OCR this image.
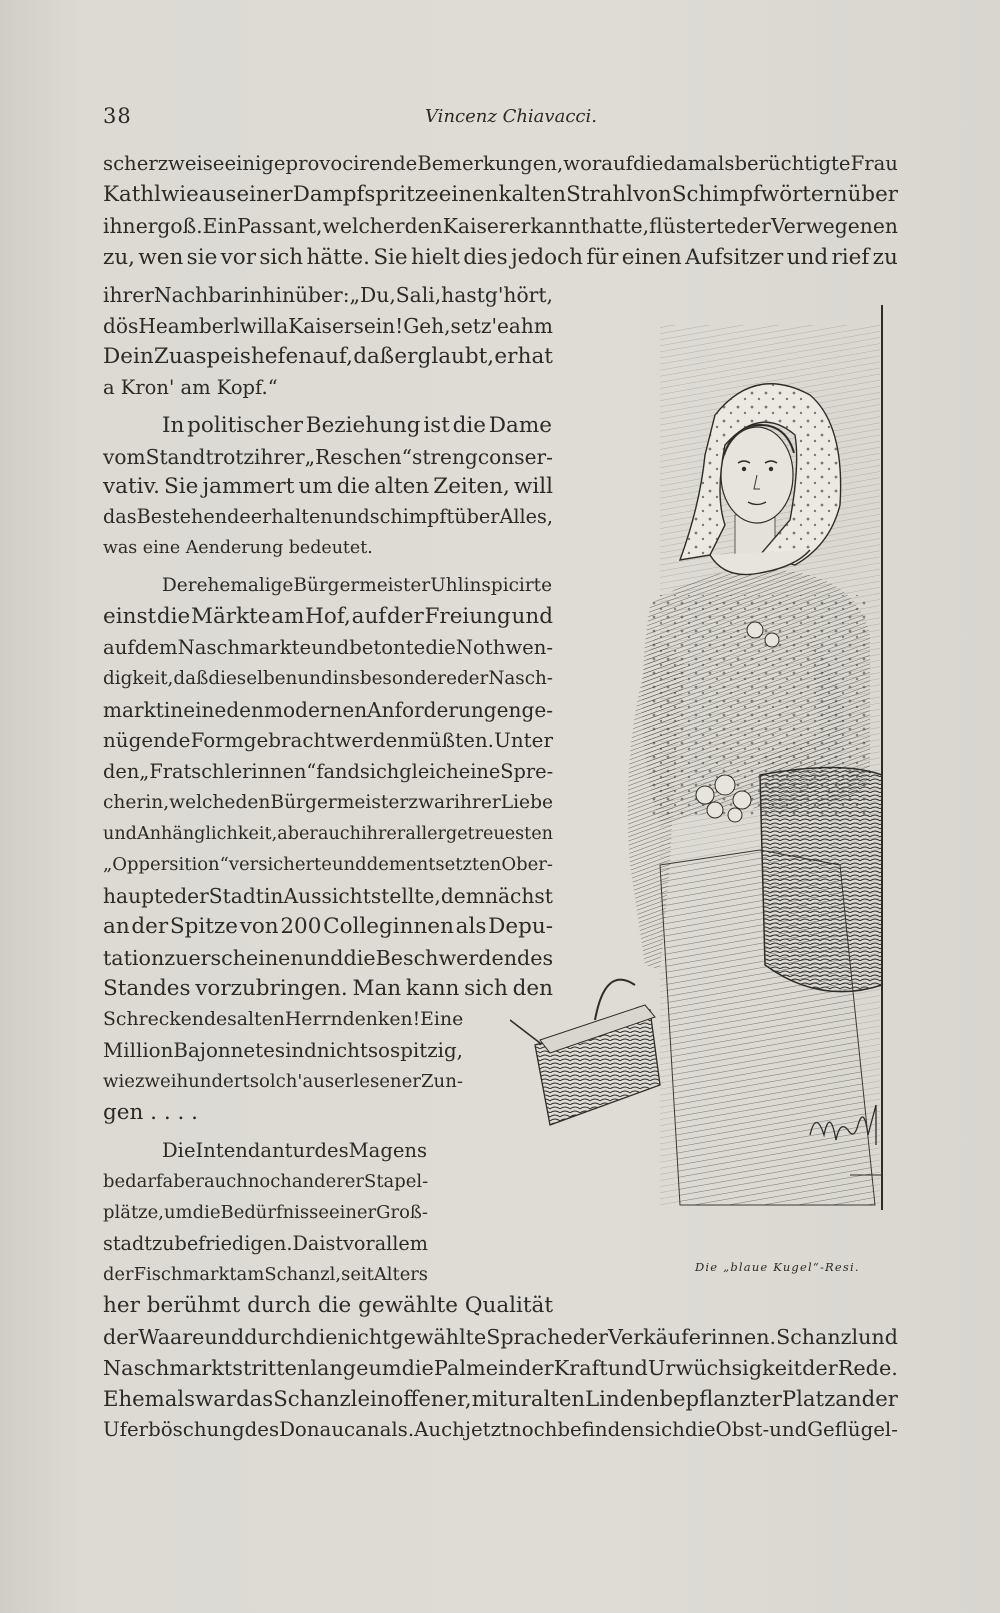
38	Vincenz Chiavacci.
scherzweise einige provocirende Bemerkungen, worauf die damals berüchtigte Frau
Kathl wie aus einer Dampfspritze einen kalten Strahl von Schimpfwörtern über
ihn ergoß. Ein Passant, welcher den Kaiser erkannt hatte, flüsterte der Verwegenen
zu, wen sie vor sich hätte. Sie hielt dies jedoch für einen Aufsitzer und rief zu
ihrer Nachbarin hinüber: „Du, Sali, hast g'hört,
dös Heamberl will a Kaiser sein! Geh, setz' eahm
Dein Zuaspeishefen auf, daß er glaubt, er hat
a Kron' am Kopf.“
In politischer Beziehung ist die Dame
vom Stand trotz ihrer „Reschen“ streng conser-
vativ. Sie jammert um die alten Zeiten, will
das Bestehende erhalten und schimpft über Alles,
was eine Aenderung bedeutet.
Der ehemalige Bürgermeister Uhl inspicirte
einst die Märkte am Hof, auf der Freiung und
auf dem Naschmarkte und betonte die Nothwen-
digkeit, daß dieselben und insbesondere der Nasch-
markt in eine den modernen Anforderungen ge-
nügende Form gebracht werden müßten. Unter
den „Fratschlerinnen“ fand sich gleich eine Spre-
cherin, welche den Bürgermeister zwar ihrer Liebe
und Anhänglichkeit, aber auch ihrer allergetreuesten
„Oppersition“ versicherte und dem entsetzten Ober-
haupte der Stadt in Aussicht stellte, demnächst
an der Spitze von 200 Colleginnen als Depu-
tation zu erscheinen und die Beschwerden des
Standes vorzubringen. Man kann sich den
Schrecken des alten Herrn denken! Eine
Million Bajonnete sind nicht so spitzig,
wie zweihundert solch' auserlesener Zun-
gen . . . .
Die Intendantur des Magens
bedarf aber auch noch anderer Stapel-
plätze, um die Bedürfnisse einer Groß-
stadt zu befriedigen. Da ist vor allem
der Fischmarkt am Schanzl, seit Alters
her berühmt durch die gewählte Qualität
der Waare und durch die nichtgewählte Sprache der Verkäuferinnen. Schanzl und
Naschmarkt stritten lange um die Palme in der Kraft und Urwüchsigkeit der Rede.
Ehemals war das Schanzl ein offener, mit uralten Linden bepflanzter Platz an der
Uferböschung des Donaucanals. Auch jetzt noch befinden sich die Obst- und Geflügel-
Die „blaue Kugel“-Resi.
